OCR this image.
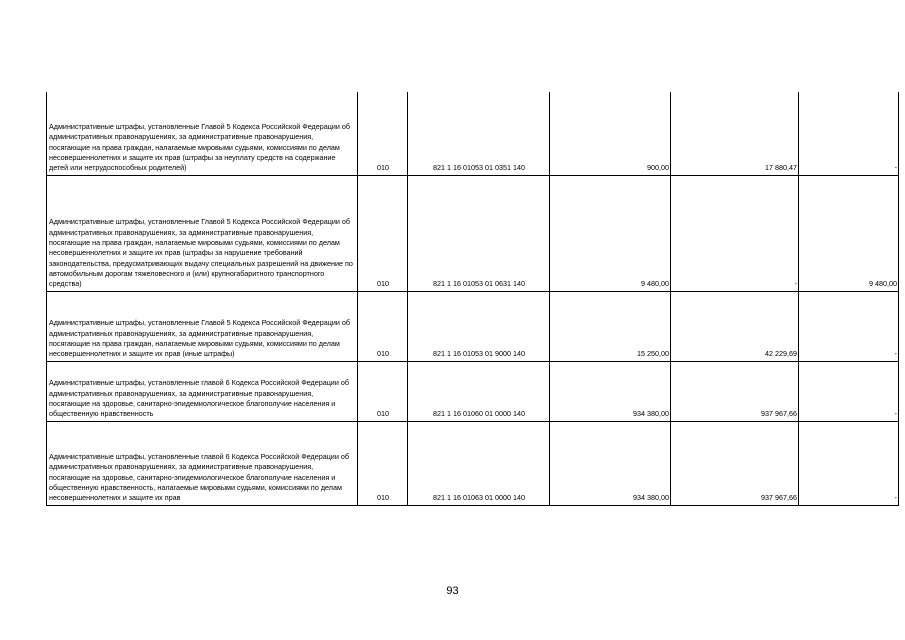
Административные штрафы, установленные Главой 5 Кодекса Российской Федерации об административных правонарушениях, за административные правонарушения, посягающие на права граждан, налагаемые мировыми судьями, комиссиями по делам несовершеннолетних и защите их прав (штрафы за неуплату средств на содержание детей или нетрудоспособных родителей)	010	821 1 16 01053 01 0351 140	900,00	17 880,47	-

Административные штрафы, установленные Главой 5 Кодекса Российской Федерации об административных правонарушениях, за административные правонарушения, посягающие на права граждан, налагаемые мировыми судьями, комиссиями по делам несовершеннолетних и защите их прав (штрафы за нарушение требований законодательства, предусматривающих выдачу специальных разрешений на движение по автомобильным дорогам тяжеловесного и (или) крупногабаритного транспортного средства)	010	821 1 16 01053 01 0631 140	9 480,00	-	9 480,00

Административные штрафы, установленные Главой 5 Кодекса Российской Федерации об административных правонарушениях, за административные правонарушения, посягающие на права граждан, налагаемые мировыми судьями, комиссиями по делам несовершеннолетних и защите их прав (иные штрафы)	010	821 1 16 01053 01 9000 140	15 250,00	42 229,69	-

Административные штрафы, установленные главой 6 Кодекса Российской Федерации об административных правонарушениях, за административные правонарушения, посягающие на здоровье, санитарно-эпидемиологическое благополучие населения и общественную нравственность	010	821 1 16 01060 01 0000 140	934 380,00	937 967,66	-

Административные штрафы, установленные главой 6 Кодекса Российской Федерации об административных правонарушениях, за административные правонарушения, посягающие на здоровье, санитарно-эпидемиологическое благополучие населения и общественную нравственность, налагаемые мировыми судьями, комиссиями по делам несовершеннолетних и защите их прав	010	821 1 16 01063 01 0000 140	934 380,00	937 967,66	-
93
